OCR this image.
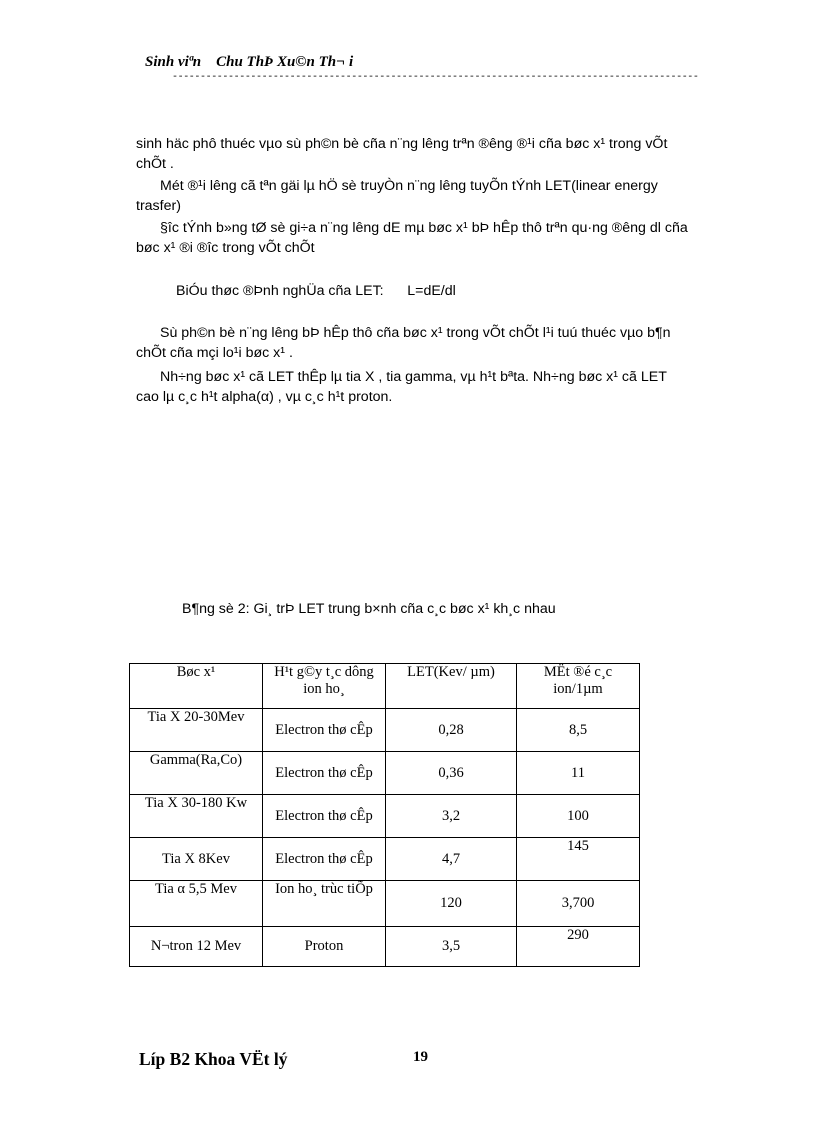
Sinh viªn    Chu ThÞ Xu©n Th¬ i
----------------------------------------------------------------------------------------------

sinh häc phô thuéc vµo sù ph©n bè cña n¨ng lêng trªn ®êng ®¹i cña bøc x¹ trong vÕt chÕt .

Mét ®¹i lêng cã tªn gäi lµ hÖ sè truyÒn n¨ng lêng tuyÕn tÝnh LET(linear energy trasfer)

§îc tÝnh b»ng tØ sè gi÷a n¨ng lêng dE mµ bøc x¹ bÞ hÊp thô trªn qu·ng ®êng dl cña bøc x¹ ®i ®îc trong vÕt chÕt

BiÓu thøc ®Þnh nghÜa cña LET: L=dE/dl

Sù ph©n bè n¨ng lêng bÞ hÊp thô cña bøc x¹ trong vÕt chÕt l¹i tuú thuéc vµo b¶n chÕt cña mçi lo¹i bøc x¹ .

Nh÷ng bøc x¹ cã LET thÊp lµ tia X , tia gamma, vµ h¹t bªta. Nh÷ng bøc x¹ cã LET cao lµ c¸c h¹t alpha(α) , vµ c¸c h¹t proton.

B¶ng sè 2: Gi¸ trÞ LET trung b×nh cña c¸c bøc x¹ kh¸c nhau
Bøc x¹	H¹t g©y t¸c dông ion ho¸	LET(Kev/ µm)	MËt ®é c¸c ion/1µm
Tia X 20-30Mev	Electron thø cÊp	0,28	8,5
Gamma(Ra,Co)	Electron thø cÊp	0,36	11
Tia X 30-180 Kw	Electron thø cÊp	3,2	100
Tia X 8Kev	Electron thø cÊp	4,7	145
Tia α 5,5 Mev	Ion ho¸ trùc tiÕp	120	3,700
N¬tron 12 Mev	Proton	3,5	290
Líp B2 Khoa VËt lý	19
